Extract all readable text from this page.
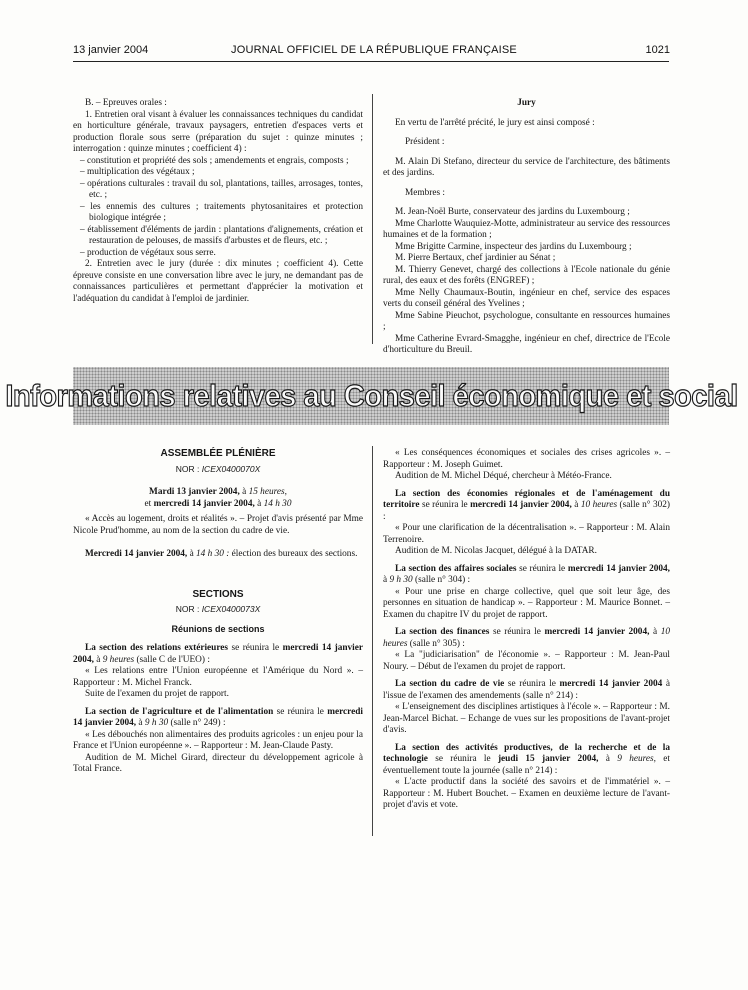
13 janvier 2004	JOURNAL OFFICIEL DE LA RÉPUBLIQUE FRANÇAISE	1021

B. – Epreuves orales :

1. Entretien oral visant à évaluer les connaissances techniques du candidat en horticulture générale, travaux paysagers, entretien d'espaces verts et production florale sous serre (préparation du sujet : quinze minutes ; interrogation : quinze minutes ; coefficient 4) :

– constitution et propriété des sols ; amendements et engrais, composts ;

– multiplication des végétaux ;

– opérations culturales : travail du sol, plantations, tailles, arrosages, tontes, etc. ;

– les ennemis des cultures ; traitements phytosanitaires et protection biologique intégrée ;

– établissement d'éléments de jardin : plantations d'alignements, création et restauration de pelouses, de massifs d'arbustes et de fleurs, etc. ;

– production de végétaux sous serre.

2. Entretien avec le jury (durée : dix minutes ; coefficient 4). Cette épreuve consiste en une conversation libre avec le jury, ne demandant pas de connaissances particulières et permettant d'apprécier la motivation et l'adéquation du candidat à l'emploi de jardinier.

Jury

En vertu de l'arrêté précité, le jury est ainsi composé :

Président :

M. Alain Di Stefano, directeur du service de l'architecture, des bâtiments et des jardins.

Membres :

M. Jean-Noël Burte, conservateur des jardins du Luxembourg ;

Mme Charlotte Wauquiez-Motte, administrateur au service des ressources humaines et de la formation ;

Mme Brigitte Carmine, inspecteur des jardins du Luxembourg ;

M. Pierre Bertaux, chef jardinier au Sénat ;

M. Thierry Genevet, chargé des collections à l'Ecole nationale du génie rural, des eaux et des forêts (ENGREF) ;

Mme Nelly Chaumaux-Boutin, ingénieur en chef, service des espaces verts du conseil général des Yvelines ;

Mme Sabine Pieuchot, psychologue, consultante en ressources humaines ;

Mme Catherine Evrard-Smagghe, ingénieur en chef, directrice de l'Ecole d'horticulture du Breuil.

Informations relatives au Conseil économique et social

ASSEMBLÉE PLÉNIÈRE

NOR : ICEX0400070X

Mardi 13 janvier 2004, à 15 heures,

et mercredi 14 janvier 2004, à 14 h 30

« Accès au logement, droits et réalités ». – Projet d'avis présenté par Mme Nicole Prud'homme, au nom de la section du cadre de vie.

Mercredi 14 janvier 2004, à 14 h 30 : élection des bureaux des sections.

SECTIONS

NOR : ICEX0400073X

Réunions de sections

La section des relations extérieures se réunira le mercredi 14 janvier 2004, à 9 heures (salle C de l'UEO) :

« Les relations entre l'Union européenne et l'Amérique du Nord ». – Rapporteur : M. Michel Franck.

Suite de l'examen du projet de rapport.

La section de l'agriculture et de l'alimentation se réunira le mercredi 14 janvier 2004, à 9 h 30 (salle n° 249) :

« Les débouchés non alimentaires des produits agricoles : un enjeu pour la France et l'Union européenne ». – Rapporteur : M. Jean-Claude Pasty.

Audition de M. Michel Girard, directeur du développement agricole à Total France.

« Les conséquences économiques et sociales des crises agricoles ». – Rapporteur : M. Joseph Guimet.

Audition de M. Michel Déqué, chercheur à Météo-France.

La section des économies régionales et de l'aménagement du territoire se réunira le mercredi 14 janvier 2004, à 10 heures (salle n° 302) :

« Pour une clarification de la décentralisation ». – Rapporteur : M. Alain Terrenoire.

Audition de M. Nicolas Jacquet, délégué à la DATAR.

La section des affaires sociales se réunira le mercredi 14 janvier 2004, à 9 h 30 (salle n° 304) :

« Pour une prise en charge collective, quel que soit leur âge, des personnes en situation de handicap ». – Rapporteur : M. Maurice Bonnet. – Examen du chapitre IV du projet de rapport.

La section des finances se réunira le mercredi 14 janvier 2004, à 10 heures (salle n° 305) :

« La "judiciarisation" de l'économie ». – Rapporteur : M. Jean-Paul Noury. – Début de l'examen du projet de rapport.

La section du cadre de vie se réunira le mercredi 14 janvier 2004 à l'issue de l'examen des amendements (salle n° 214) :

« L'enseignement des disciplines artistiques à l'école ». – Rapporteur : M. Jean-Marcel Bichat. – Echange de vues sur les propositions de l'avant-projet d'avis.

La section des activités productives, de la recherche et de la technologie se réunira le jeudi 15 janvier 2004, à 9 heures, et éventuellement toute la journée (salle n° 214) :

« L'acte productif dans la société des savoirs et de l'immatériel ». – Rapporteur : M. Hubert Bouchet. – Examen en deuxième lecture de l'avant-projet d'avis et vote.
